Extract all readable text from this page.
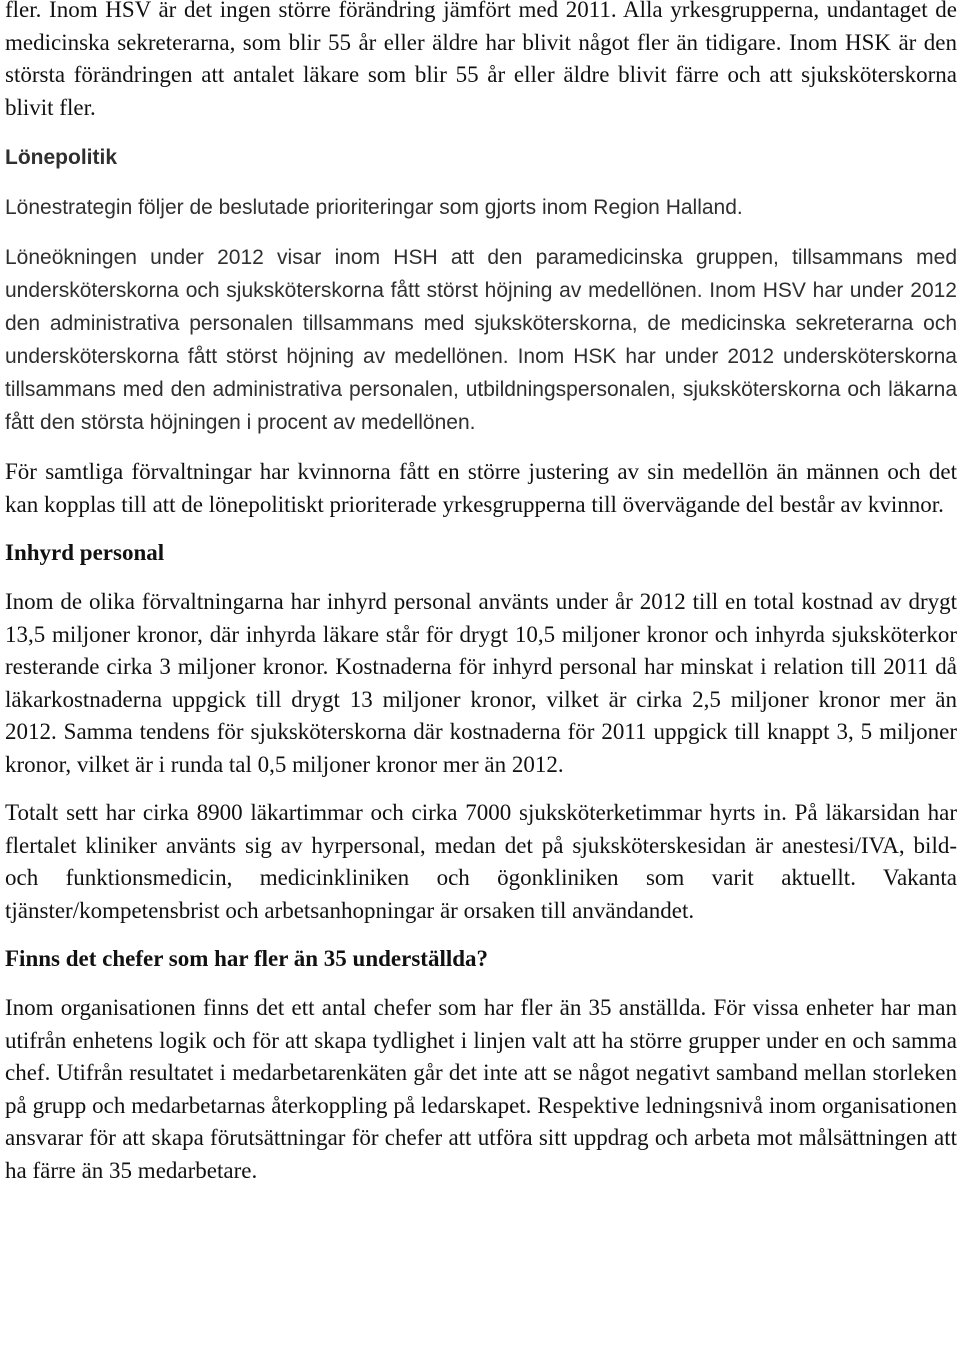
fler. Inom HSV är det ingen större förändring jämfört med 2011. Alla yrkesgrupperna, undantaget de medicinska sekreterarna, som blir 55 år eller äldre har blivit något fler än tidigare. Inom HSK är den största förändringen att antalet läkare som blir 55 år eller äldre blivit färre och att sjuksköterskorna blivit fler.

Lönepolitik

Lönestrategin följer de beslutade prioriteringar som gjorts inom Region Halland.

Löneökningen under 2012 visar inom HSH att den paramedicinska gruppen, tillsammans med undersköterskorna och sjuksköterskorna fått störst höjning av medellönen. Inom HSV har under 2012 den administrativa personalen tillsammans med sjuksköterskorna, de medicinska sekreterarna och undersköterskorna fått störst höjning av medellönen. Inom HSK har under 2012 undersköterskorna tillsammans med den administrativa personalen, utbildningspersonalen, sjuksköterskorna och läkarna fått den största höjningen i procent av medellönen.

För samtliga förvaltningar har kvinnorna fått en större justering av sin medellön än männen och det kan kopplas till att de lönepolitiskt prioriterade yrkesgrupperna till övervägande del består av kvinnor.

Inhyrd personal

Inom de olika förvaltningarna har inhyrd personal använts under år 2012 till en total kostnad av drygt 13,5 miljoner kronor, där inhyrda läkare står för drygt 10,5 miljoner kronor och inhyrda sjuksköterkor resterande cirka 3 miljoner kronor. Kostnaderna för inhyrd personal har minskat i relation till 2011 då läkarkostnaderna uppgick till drygt 13 miljoner kronor, vilket är cirka 2,5 miljoner kronor mer än 2012. Samma tendens för sjuksköterskorna där kostnaderna för 2011 uppgick till knappt 3, 5 miljoner kronor, vilket är i runda tal 0,5 miljoner kronor mer än 2012.

Totalt sett har cirka 8900 läkartimmar och cirka 7000 sjuksköterketimmar hyrts in. På läkarsidan har flertalet kliniker använts sig av hyrpersonal, medan det på sjuksköterskesidan är anestesi/IVA, bild- och funktionsmedicin, medicinkliniken och ögonkliniken som varit aktuellt. Vakanta tjänster/kompetensbrist och arbetsanhopningar är orsaken till användandet.

Finns det chefer som har fler än 35 underställda?

Inom organisationen finns det ett antal chefer som har fler än 35 anställda. För vissa enheter har man utifrån enhetens logik och för att skapa tydlighet i linjen valt att ha större grupper under en och samma chef. Utifrån resultatet i medarbetarenkäten går det inte att se något negativt samband mellan storleken på grupp och medarbetarnas återkoppling på ledarskapet. Respektive ledningsnivå inom organisationen ansvarar för att skapa förutsättningar för chefer att utföra sitt uppdrag och arbeta mot målsättningen att ha färre än 35 medarbetare.
